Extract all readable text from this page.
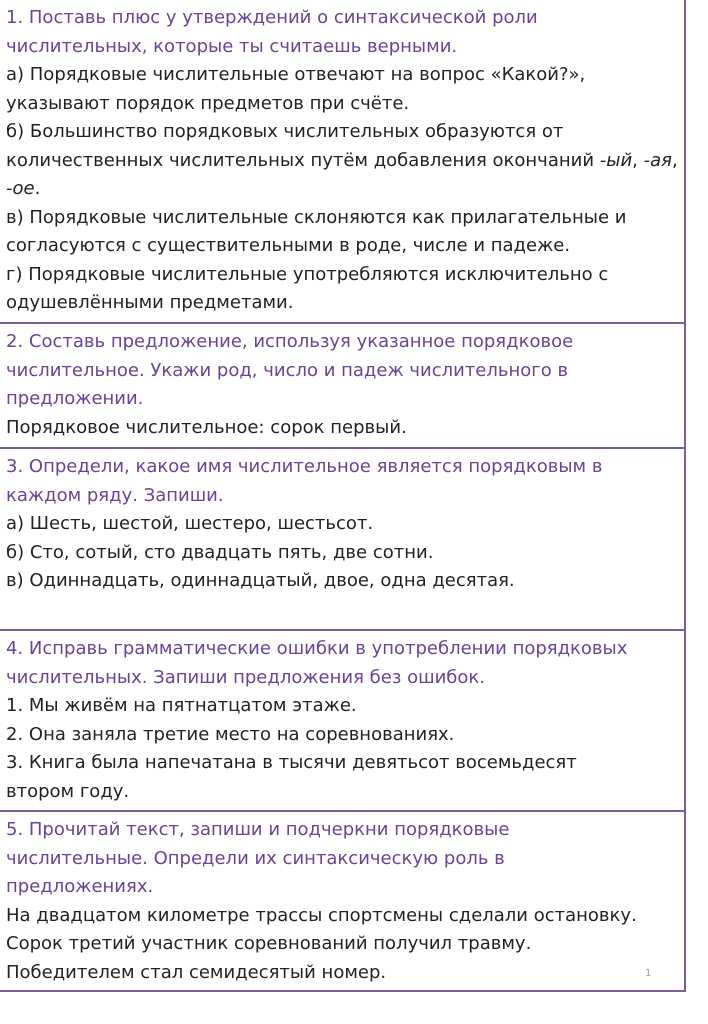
1. Поставь плюс у утверждений о синтаксической роли числительных, которые ты считаешь верными.
а) Порядковые числительные отвечают на вопрос «Какой?», указывают порядок предметов при счёте.
б) Большинство порядковых числительных образуются от количественных числительных путём добавления окончаний -ый, -ая, -ое.
в) Порядковые числительные склоняются как прилагательные и согласуются с существительными в роде, числе и падеже.
г) Порядковые числительные употребляются исключительно с одушевлёнными предметами.
2. Составь предложение, используя указанное порядковое числительное. Укажи род, число и падеж числительного в предложении.
Порядковое числительное: сорок первый.
3. Определи, какое имя числительное является порядковым в каждом ряду. Запиши.
а) Шесть, шестой, шестеро, шестьсот.
б) Сто, сотый, сто двадцать пять, две сотни.
в) Одиннадцать, одиннадцатый, двое, одна десятая.
4. Исправь грамматические ошибки в употреблении порядковых числительных. Запиши предложения без ошибок.
1. Мы живём на пятнатцатом этаже.
2. Она заняла третие место на соревнованиях.
3. Книга была напечатана в тысячи девятьсот восемьдесят втором году.
5. Прочитай текст, запиши и подчеркни порядковые числительные. Определи их синтаксическую роль в предложениях.
На двадцатом километре трассы спортсмены сделали остановку.
Сорок третий участник соревнований получил травму.
Победителем стал семидесятый номер.	1
